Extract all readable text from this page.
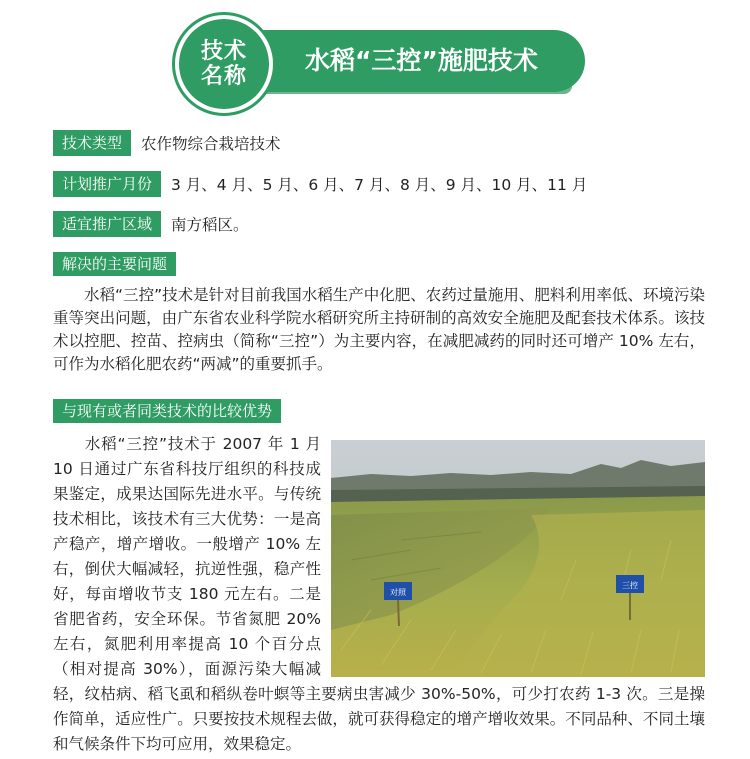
水稻“三控”施肥技术
技术
名称
技术类型	农作物综合栽培技术
计划推广月份	3 月、4 月、5 月、6 月、7 月、8 月、9 月、10 月、11 月
适宜推广区域	南方稻区。
解决的主要问题
水稻“三控”技术是针对目前我国水稻生产中化肥、农药过量施用、肥料利用率低、环境污染重等突出问题，由广东省农业科学院水稻研究所主持研制的高效安全施肥及配套技术体系。该技术以控肥、控苗、控病虫（简称“三控”）为主要内容，在减肥减药的同时还可增产 10% 左右，可作为水稻化肥农药“两减”的重要抓手。
与现有或者同类技术的比较优势
对照
三控
水稻“三控”技术于 2007 年 1 月 10 日通过广东省科技厅组织的科技成果鉴定，成果达国际先进水平。与传统技术相比，该技术有三大优势：一是高产稳产，增产增收。一般增产 10% 左右，倒伏大幅减轻，抗逆性强，稳产性好，每亩增收节支 180 元左右。二是省肥省药，安全环保。节省氮肥 20% 左右，氮肥利用率提高 10 个百分点（相对提高 30%），面源污染大幅减轻，纹枯病、稻飞虱和稻纵卷叶螟等主要病虫害减少 30%-50%，可少打农药 1-3 次。三是操作简单，适应性广。只要按技术规程去做，就可获得稳定的增产增收效果。不同品种、不同土壤和气候条件下均可应用，效果稳定。
